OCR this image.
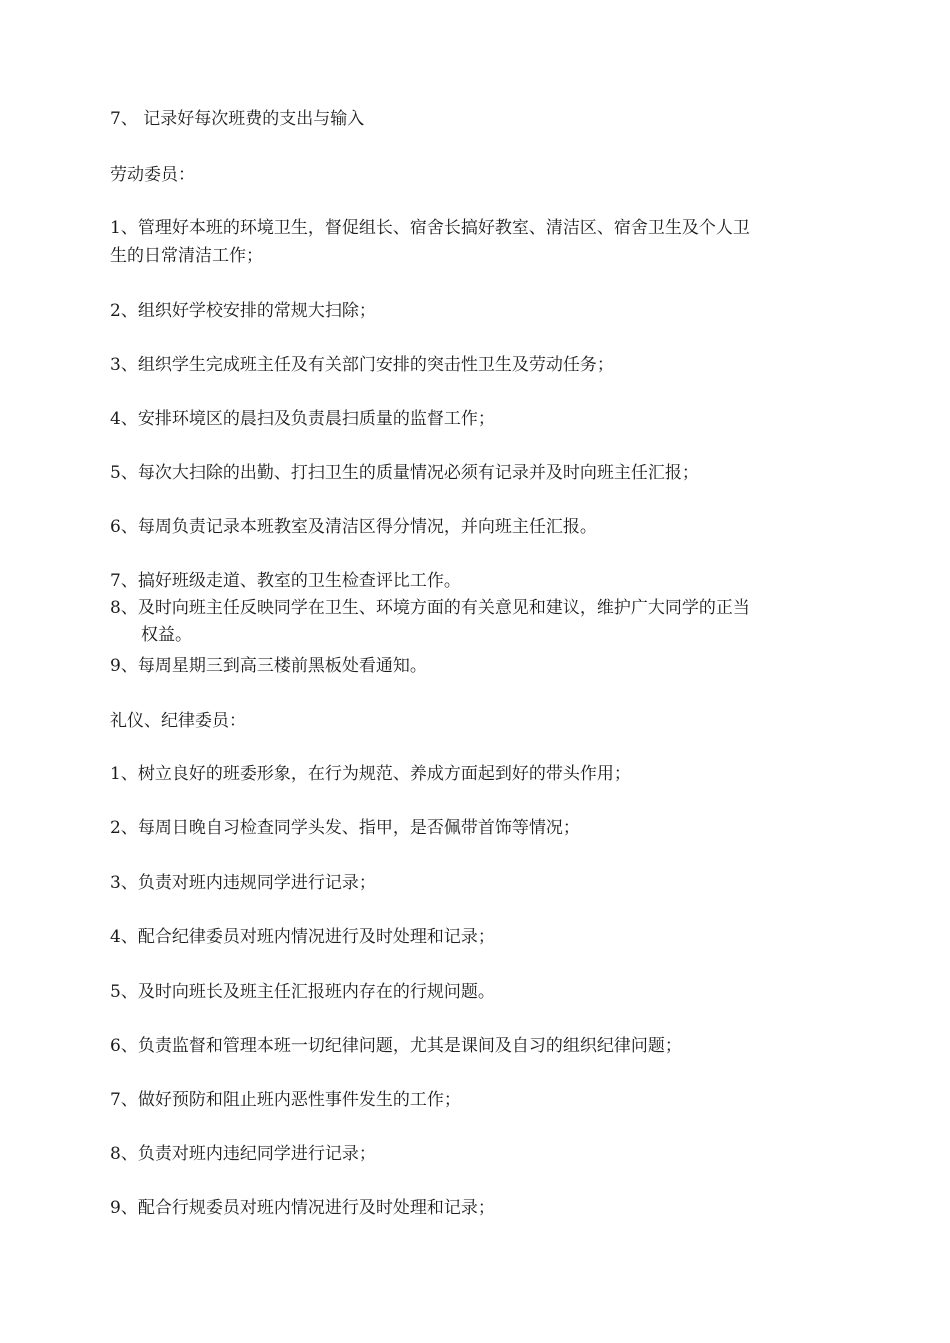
7、 记录好每次班费的支出与输入
劳动委员：
1、管理好本班的环境卫生，督促组长、宿舍长搞好教室、清洁区、宿舍卫生及个人卫
生的日常清洁工作；
2、组织好学校安排的常规大扫除；
3、组织学生完成班主任及有关部门安排的突击性卫生及劳动任务；
4、安排环境区的晨扫及负责晨扫质量的监督工作；
5、每次大扫除的出勤、打扫卫生的质量情况必须有记录并及时向班主任汇报；
6、每周负责记录本班教室及清洁区得分情况，并向班主任汇报。
7、搞好班级走道、教室的卫生检查评比工作。
8、及时向班主任反映同学在卫生、环境方面的有关意见和建议，维护广大同学的正当
权益。
9、每周星期三到高三楼前黑板处看通知。
礼仪、纪律委员：
1、树立良好的班委形象，在行为规范、养成方面起到好的带头作用；
2、每周日晚自习检查同学头发、指甲，是否佩带首饰等情况；
3、负责对班内违规同学进行记录；
4、配合纪律委员对班内情况进行及时处理和记录；
5、及时向班长及班主任汇报班内存在的行规问题。
6、负责监督和管理本班一切纪律问题，尤其是课间及自习的组织纪律问题；
7、做好预防和阻止班内恶性事件发生的工作；
8、负责对班内违纪同学进行记录；
9、配合行规委员对班内情况进行及时处理和记录；
